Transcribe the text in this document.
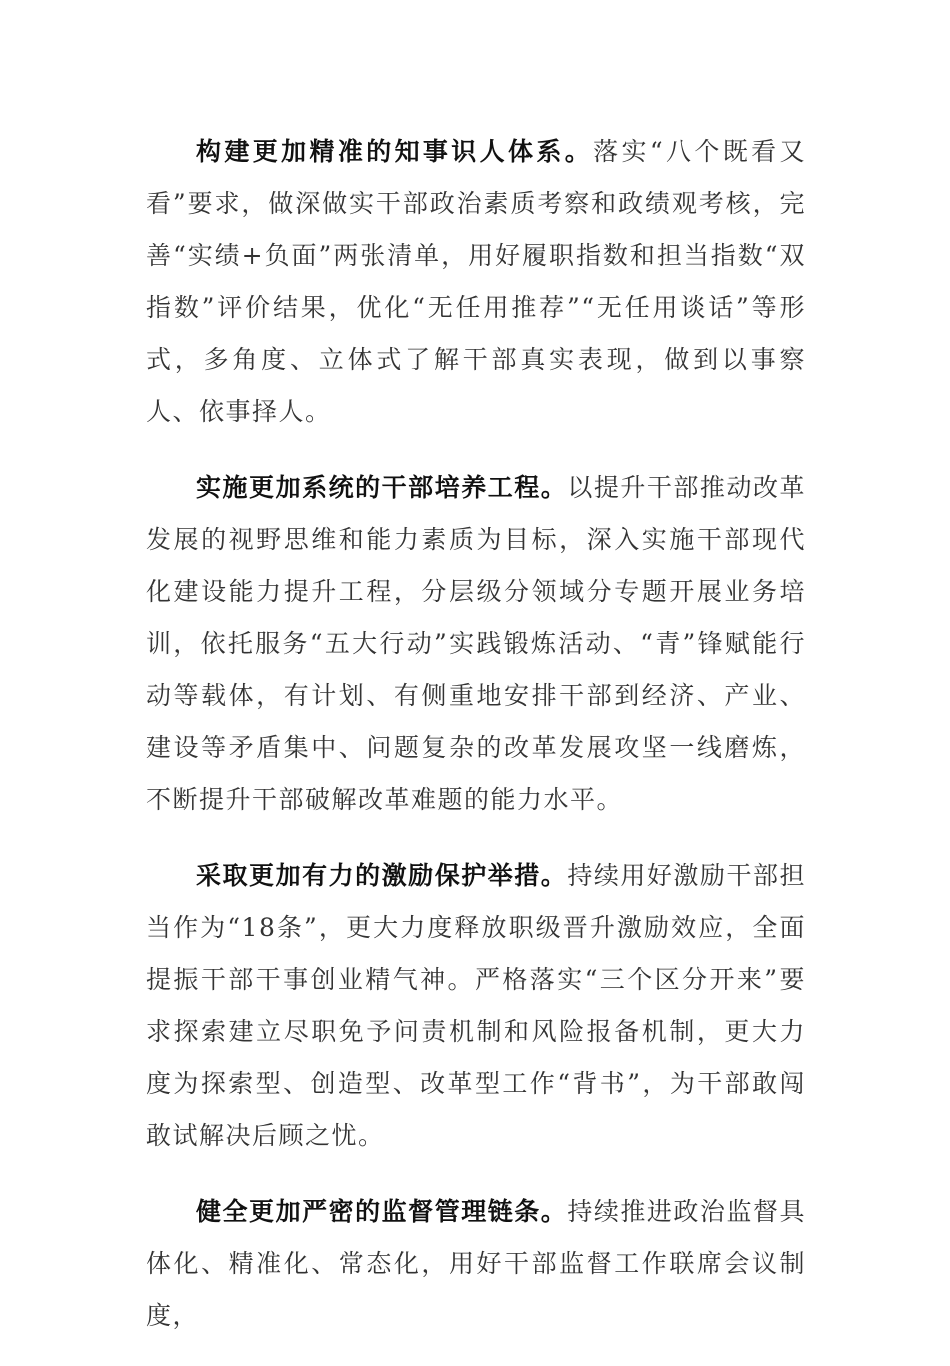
构建更加精准的知事识人体系。落实“八个既看又看”要求，做深做实干部政治素质考察和政绩观考核，完善“实绩+负面”两张清单，用好履职指数和担当指数“双指数”评价结果，优化“无任用推荐”“无任用谈话”等形式，多角度、立体式了解干部真实表现，做到以事察人、依事择人。

实施更加系统的干部培养工程。以提升干部推动改革发展的视野思维和能力素质为目标，深入实施干部现代化建设能力提升工程，分层级分领域分专题开展业务培训，依托服务“五大行动”实践锻炼活动、“青”锋赋能行动等载体，有计划、有侧重地安排干部到经济、产业、建设等矛盾集中、问题复杂的改革发展攻坚一线磨炼，不断提升干部破解改革难题的能力水平。

采取更加有力的激励保护举措。持续用好激励干部担当作为“18条”，更大力度释放职级晋升激励效应，全面提振干部干事创业精气神。严格落实“三个区分开来”要求探索建立尽职免予问责机制和风险报备机制，更大力度为探索型、创造型、改革型工作“背书”，为干部敢闯敢试解决后顾之忧。

健全更加严密的监督管理链条。持续推进政治监督具体化、精准化、常态化，用好干部监督工作联席会议制度，
